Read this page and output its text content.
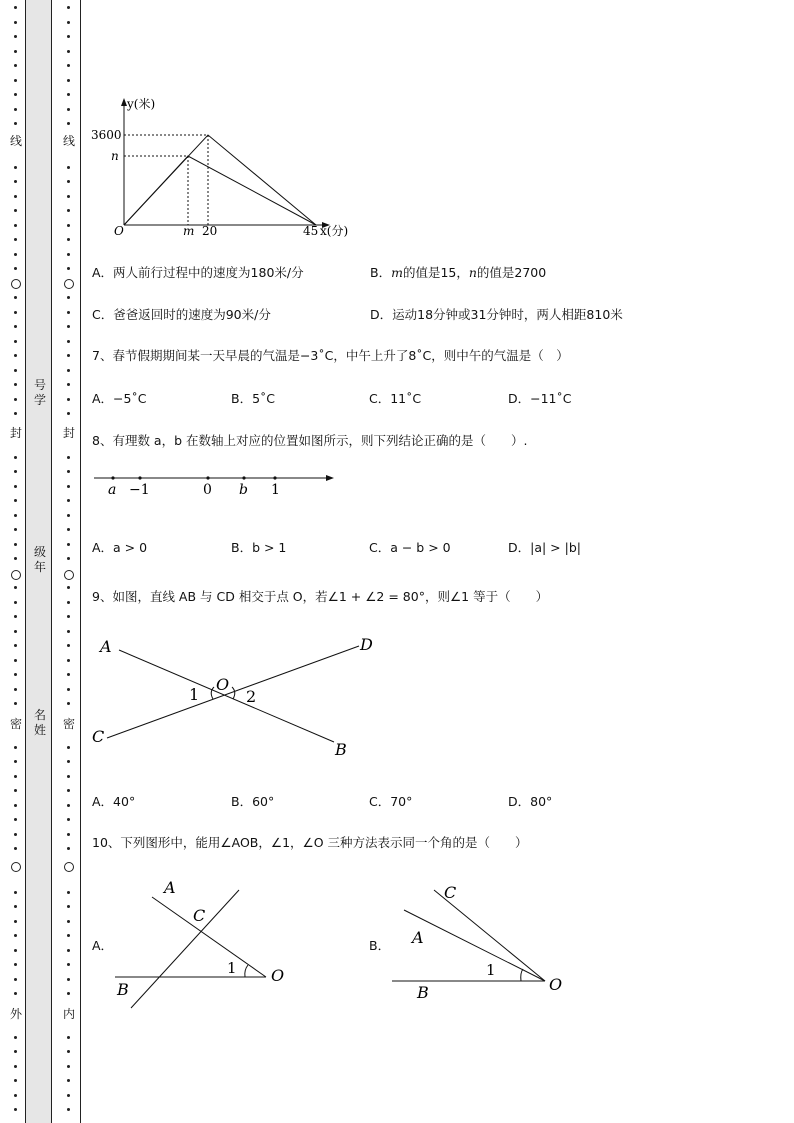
线
封
密
外
线
封
密
内
号学
级年
名姓
y(米)
3600
n
O	m 20	45 x(分)
A．两人前行过程中的速度为180米/分	B．m的值是15，n的值是2700
C．爸爸返回时的速度为90米/分	D．运动18分钟或31分钟时，两人相距810米
7、春节假期期间某一天早晨的气温是−3˚C，中午上升了8˚C，则中午的气温是（　）
A．−5˚C	B．5˚C	C．11˚C	D．−11˚C
8、有理数 a，b 在数轴上对应的位置如图所示，则下列结论正确的是（　　）.
a −1	0 b 1
A．a > 0	B．b > 1	C．a − b > 0	D．|a| > |b|
9、如图，直线 AB 与 CD 相交于点 O，若∠1 + ∠2 = 80°，则∠1 等于（　　）
A	D
C
B
O
1	2
A．40°	B．60°	C．70°	D．80°
10、下列图形中，能用∠AOB，∠1，∠O 三种方法表示同一个角的是（　　）
A．
A
C
O
B
1
B．
C
A
O
B
1
